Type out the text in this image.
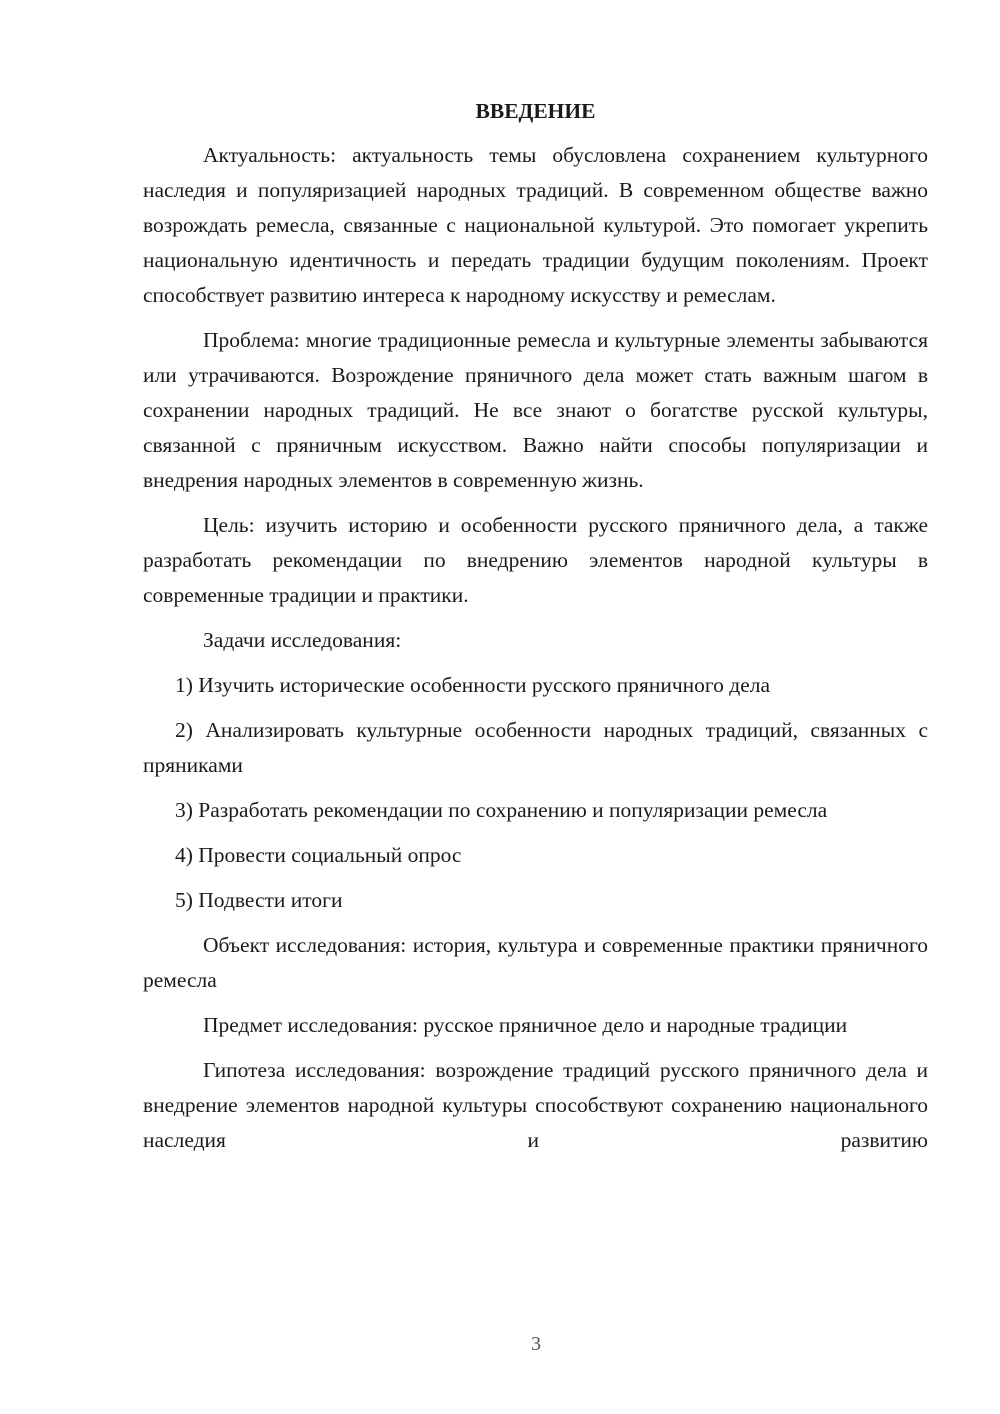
ВВЕДЕНИЕ

Актуальность: актуальность темы обусловлена сохранением культурного наследия и популяризацией народных традиций. В современном обществе важно возрождать ремесла, связанные с национальной культурой. Это помогает укрепить национальную идентичность и передать традиции будущим поколениям. Проект способствует развитию интереса к народному искусству и ремеслам.

Проблема: многие традиционные ремесла и культурные элементы забываются или утрачиваются. Возрождение пряничного дела может стать важным шагом в сохранении народных традиций. Не все знают о богатстве русской культуры, связанной с пряничным искусством. Важно найти способы популяризации и внедрения народных элементов в современную жизнь.

Цель: изучить историю и особенности русского пряничного дела, а также разработать рекомендации по внедрению элементов народной культуры в современные традиции и практики.

Задачи исследования:

1) Изучить исторические особенности русского пряничного дела

2) Анализировать культурные особенности народных традиций, связанных с пряниками

3) Разработать рекомендации по сохранению и популяризации ремесла

4) Провести социальный опрос

5) Подвести итоги

Объект исследования: история, культура и современные практики пряничного ремесла

Предмет исследования: русское пряничное дело и народные традиции

Гипотеза исследования: возрождение традиций русского пряничного дела и внедрение элементов народной культуры способствуют сохранению национального наследия и развитию

3
